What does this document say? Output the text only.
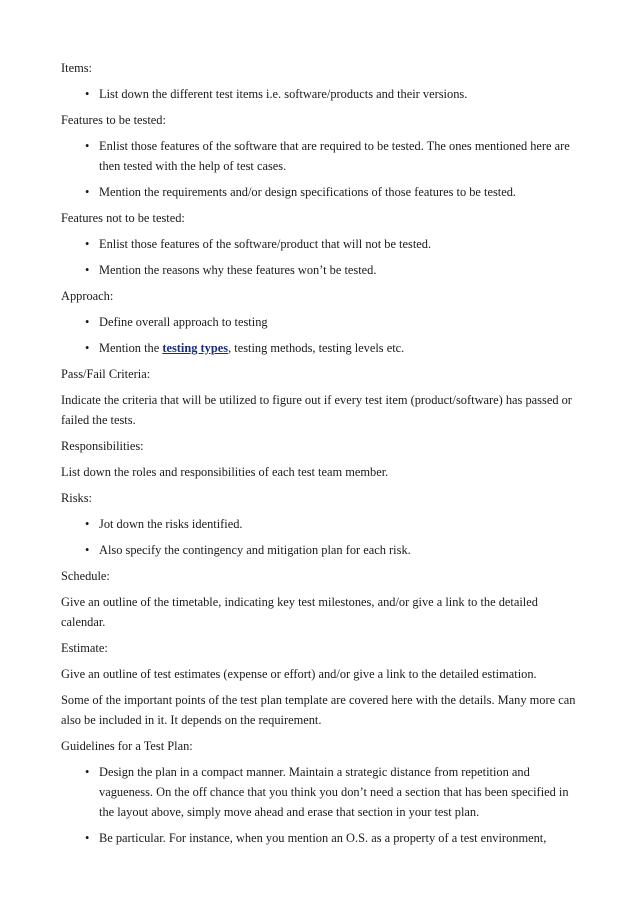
Items:
• List down the different test items i.e. software/products and their versions.
Features to be tested:
• Enlist those features of the software that are required to be tested. The ones mentioned here are then tested with the help of test cases.
• Mention the requirements and/or design specifications of those features to be tested.
Features not to be tested:
• Enlist those features of the software/product that will not be tested.
• Mention the reasons why these features won’t be tested.
Approach:
• Define overall approach to testing
• Mention the testing types, testing methods, testing levels etc.
Pass/Fail Criteria:
Indicate the criteria that will be utilized to figure out if every test item (product/software) has passed or failed the tests.
Responsibilities:
List down the roles and responsibilities of each test team member.
Risks:
• Jot down the risks identified.
• Also specify the contingency and mitigation plan for each risk.
Schedule:
Give an outline of the timetable, indicating key test milestones, and/or give a link to the detailed calendar.
Estimate:
Give an outline of test estimates (expense or effort) and/or give a link to the detailed estimation.
Some of the important points of the test plan template are covered here with the details. Many more can also be included in it. It depends on the requirement.
Guidelines for a Test Plan:
• Design the plan in a compact manner. Maintain a strategic distance from repetition and vagueness. On the off chance that you think you don’t need a section that has been specified in the layout above, simply move ahead and erase that section in your test plan.
• Be particular. For instance, when you mention an O.S. as a property of a test environment,
